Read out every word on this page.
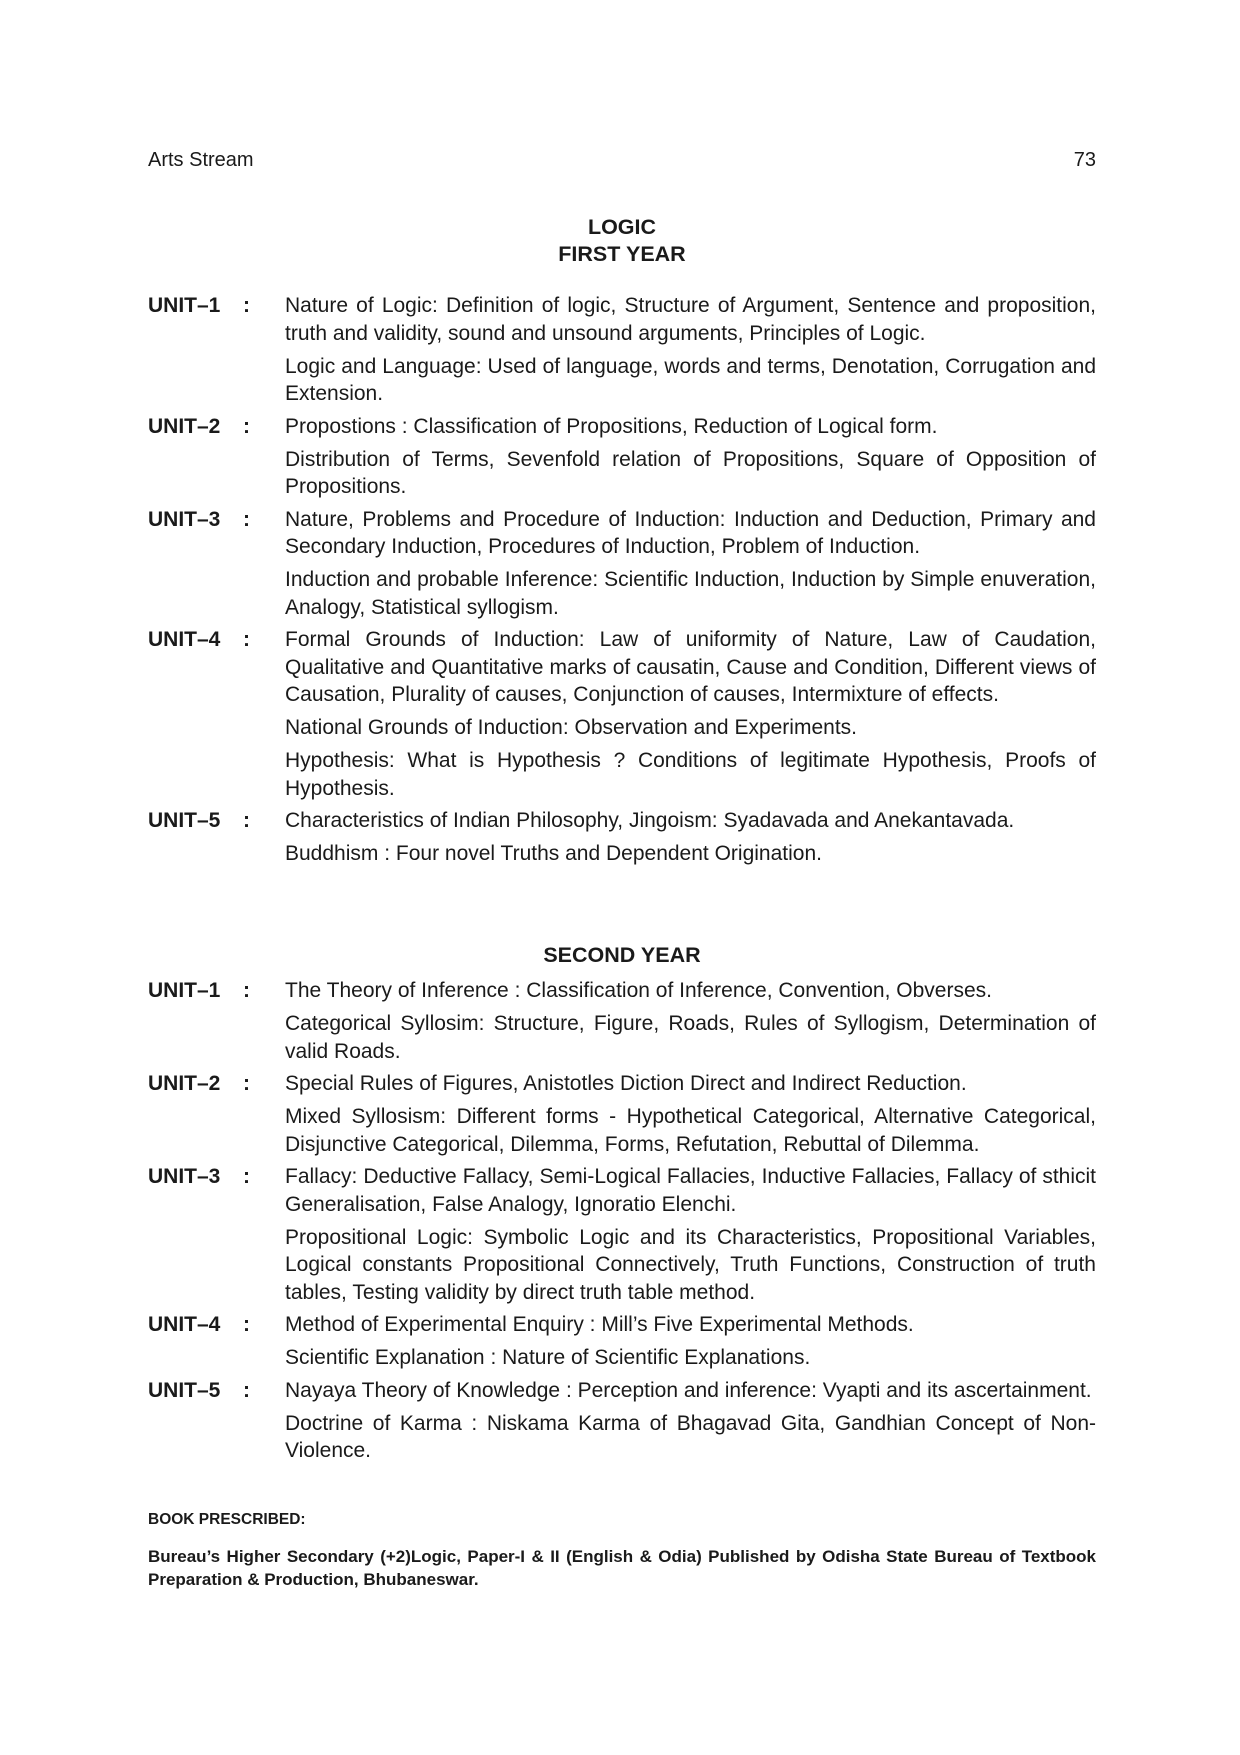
Arts Stream	73
LOGIC
FIRST YEAR
UNIT–1	:	Nature of Logic: Definition of logic, Structure of Argument, Sentence and proposition, truth and validity, sound and unsound arguments, Principles of Logic.

Logic and Language: Used of language, words and terms, Denotation, Corrugation and Extension.

UNIT–2	:	Propostions : Classification of Propositions, Reduction of Logical form.

Distribution of Terms, Sevenfold relation of Propositions, Square of Opposition of Propositions.

UNIT–3	:	Nature, Problems and Procedure of Induction: Induction and Deduction, Primary and Secondary Induction, Procedures of Induction, Problem of Induction.

Induction and probable Inference: Scientific Induction, Induction by Simple enuveration, Analogy, Statistical syllogism.

UNIT–4	:	Formal Grounds of Induction: Law of uniformity of Nature, Law of Caudation, Qualitative and Quantitative marks of causatin, Cause and Condition, Different views of Causation, Plurality of causes, Conjunction of causes, Intermixture of effects.

National Grounds of Induction: Observation and Experiments.

Hypothesis: What is Hypothesis ? Conditions of legitimate Hypothesis, Proofs of Hypothesis.

UNIT–5	:	Characteristics of Indian Philosophy, Jingoism: Syadavada and Anekantavada.

Buddhism : Four novel Truths and Dependent Origination.

SECOND YEAR
UNIT–1	:	The Theory of Inference : Classification of Inference, Convention, Obverses.

Categorical Syllosim: Structure, Figure, Roads, Rules of Syllogism, Determination of valid Roads.

UNIT–2	:	Special Rules of Figures, Anistotles Diction Direct and Indirect Reduction.

Mixed Syllosism: Different forms - Hypothetical Categorical, Alternative Categorical, Disjunctive Categorical, Dilemma, Forms, Refutation, Rebuttal of Dilemma.

UNIT–3	:	Fallacy: Deductive Fallacy, Semi-Logical Fallacies, Inductive Fallacies, Fallacy of sthicit Generalisation, False Analogy, Ignoratio Elenchi.

Propositional Logic: Symbolic Logic and its Characteristics, Propositional Variables, Logical constants Propositional Connectively, Truth Functions, Construction of truth tables, Testing validity by direct truth table method.

UNIT–4	:	Method of Experimental Enquiry : Mill’s Five Experimental Methods.

Scientific Explanation : Nature of Scientific Explanations.

UNIT–5	:	Nayaya Theory of Knowledge : Perception and inference: Vyapti and its ascertainment.

Doctrine of Karma : Niskama Karma of Bhagavad Gita, Gandhian Concept of Non-Violence.

BOOK PRESCRIBED:
Bureau’s Higher Secondary (+2)Logic, Paper-I & II (English & Odia) Published by Odisha State Bureau of Textbook Preparation & Production, Bhubaneswar.
